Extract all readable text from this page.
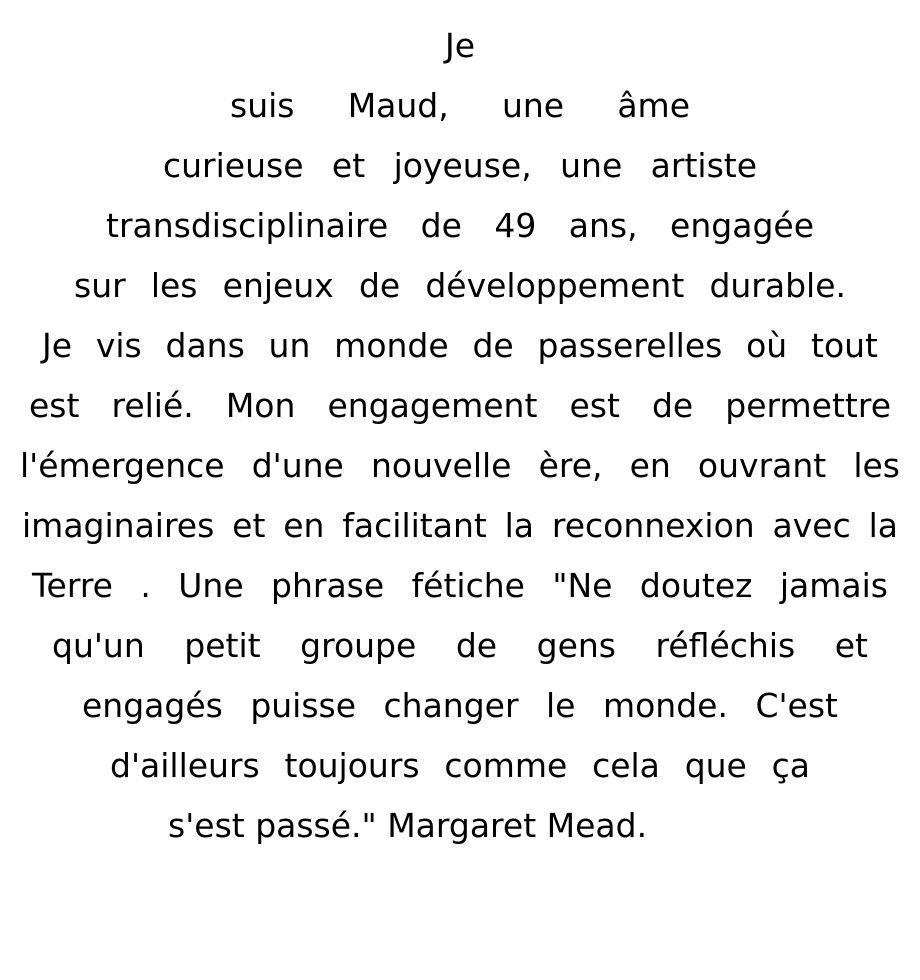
Je
suis Maud, une âme
curieuse et joyeuse, une artiste
transdisciplinaire de 49 ans, engagée
sur les enjeux de développement durable.
Je vis dans un monde de passerelles où tout
est relié. Mon engagement est de permettre
l'émergence d'une nouvelle ère, en ouvrant les
imaginaires et en facilitant la reconnexion avec la
Terre . Une phrase fétiche "Ne doutez jamais
qu'un petit groupe de gens réfléchis et
engagés puisse changer le monde. C'est
d'ailleurs toujours comme cela que ça
s'est passé." Margaret Mead.
